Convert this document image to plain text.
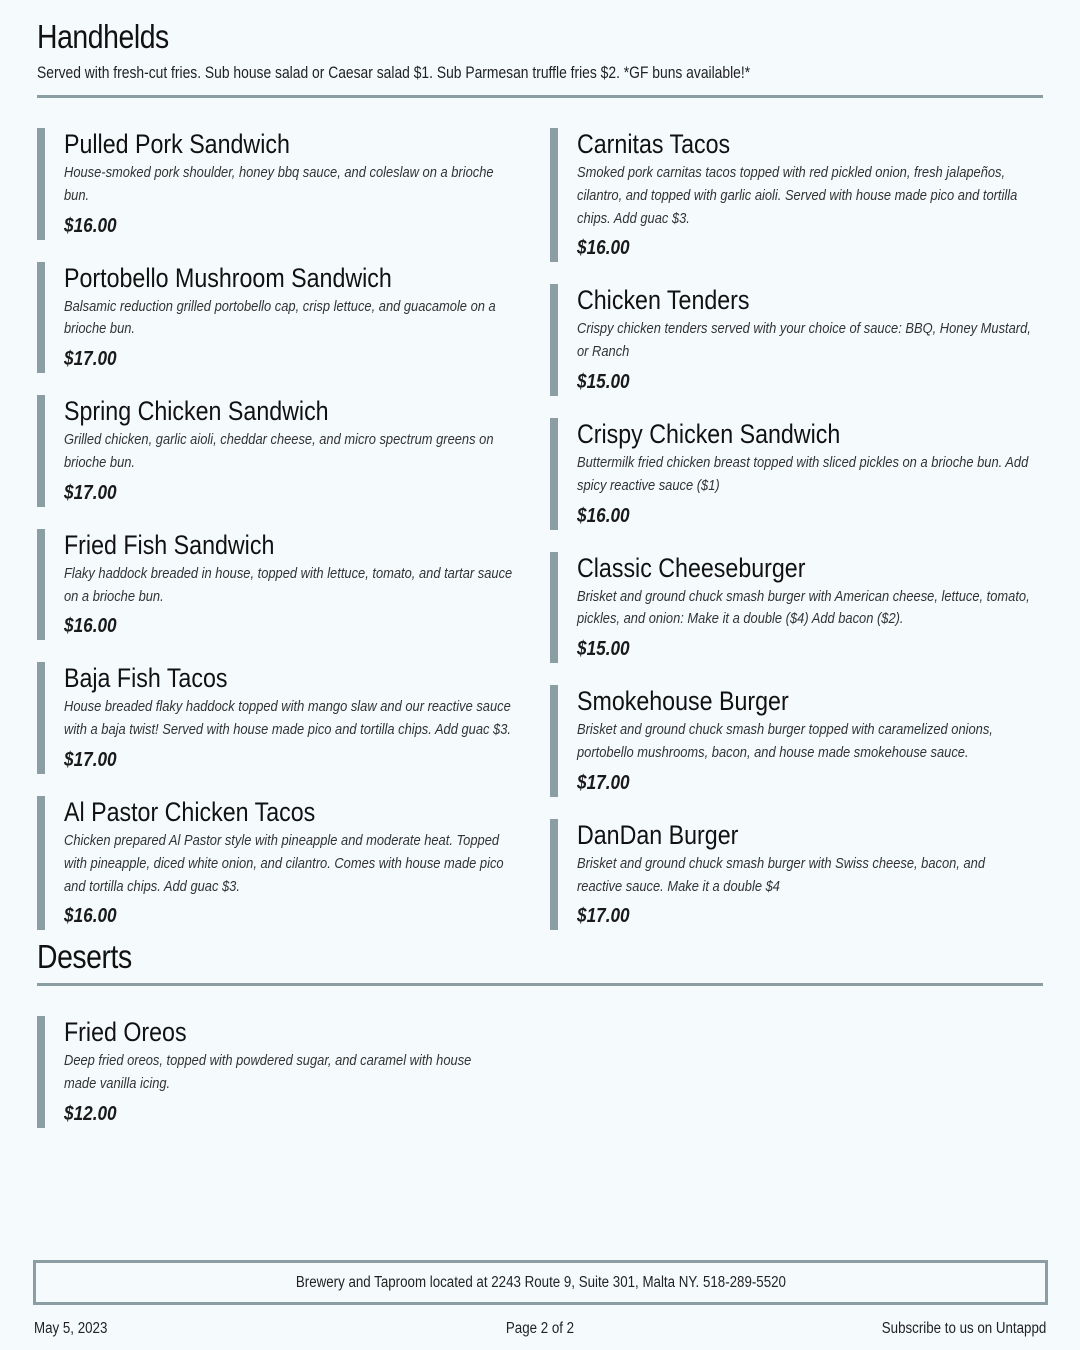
Handhelds

Served with fresh-cut fries. Sub house salad or Caesar salad $1. Sub Parmesan truffle fries $2. *GF buns available!*

Pulled Pork Sandwich

House-smoked pork shoulder, honey bbq sauce, and coleslaw on a brioche bun.

$16.00
Portobello Mushroom Sandwich

Balsamic reduction grilled portobello cap, crisp lettuce, and guacamole on a brioche bun.

$17.00
Spring Chicken Sandwich

Grilled chicken, garlic aioli, cheddar cheese, and micro spectrum greens on brioche bun.

$17.00
Fried Fish Sandwich

Flaky haddock breaded in house, topped with lettuce, tomato, and tartar sauce on a brioche bun.

$16.00
Baja Fish Tacos

House breaded flaky haddock topped with mango slaw and our reactive sauce with a baja twist! Served with house made pico and tortilla chips. Add guac $3.

$17.00
Al Pastor Chicken Tacos

Chicken prepared Al Pastor style with pineapple and moderate heat. Topped with pineapple, diced white onion, and cilantro. Comes with house made pico and tortilla chips. Add guac $3.

$16.00
Carnitas Tacos

Smoked pork carnitas tacos topped with red pickled onion, fresh jalapeños, cilantro, and topped with garlic aioli. Served with house made pico and tortilla chips. Add guac $3.

$16.00
Chicken Tenders

Crispy chicken tenders served with your choice of sauce: BBQ, Honey Mustard, or Ranch

$15.00
Crispy Chicken Sandwich

Buttermilk fried chicken breast topped with sliced pickles on a brioche bun. Add spicy reactive sauce ($1)

$16.00
Classic Cheeseburger

Brisket and ground chuck smash burger with American cheese, lettuce, tomato, pickles, and onion: Make it a double ($4) Add bacon ($2).

$15.00
Smokehouse Burger

Brisket and ground chuck smash burger topped with caramelized onions, portobello mushrooms, bacon, and house made smokehouse sauce.

$17.00
DanDan Burger

Brisket and ground chuck smash burger with Swiss cheese, bacon, and reactive sauce. Make it a double $4

$17.00
Deserts
Fried Oreos

Deep fried oreos, topped with powdered sugar, and caramel with house made vanilla icing.

$12.00
Brewery and Taproom located at 2243 Route 9, Suite 301, Malta NY. 518-289-5520
May 5, 2023	Page 2 of 2	Subscribe to us on Untappd
